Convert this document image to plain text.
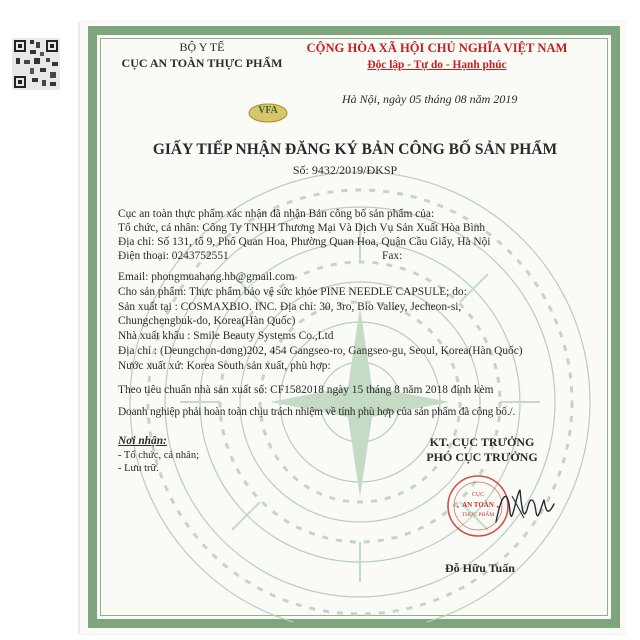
BỘ Y TẾ
CỤC AN TOÀN THỰC PHẨM
VFA
CỘNG HÒA XÃ HỘI CHỦ NGHĨA VIỆT NAM
Độc lập - Tự do - Hạnh phúc
Hà Nội, ngày 05 tháng 08 năm 2019
GIẤY TIẾP NHẬN ĐĂNG KÝ BẢN CÔNG BỐ SẢN PHẨM
Số: 9432/2019/ĐKSP
Cục an toàn thực phẩm xác nhận đã nhận Bản công bố sản phẩm của:
Tổ chức, cá nhân: Công Ty TNHH Thương Mại Và Dịch Vụ Sản Xuất Hòa Bình
Địa chỉ: Số 131, tổ 9, Phố Quan Hoa, Phường Quan Hoa, Quận Cầu Giấy, Hà Nội
Điện thoại: 0243752551	Fax:
Email: phongmuahang.hb@gmail.com
Cho sản phẩm: Thực phẩm bảo vệ sức khỏe PINE NEEDLE CAPSULE; do:
Sản xuất tại : COSMAXBIO. INC. Địa chỉ: 30, 3ro, Bio Valley, Jecheon-si,
Chungchengbuk-do, Korea(Hàn Quốc)
Nhà xuất khẩu : Smile Beauty Systems Co.,Ltd
Địa chỉ : (Deungchon-dong)202, 454 Gangseo-ro, Gangseo-gu, Seoul, Korea(Hàn Quốc)
Nước xuất xứ: Korea South sản xuất, phù hợp:
Theo tiêu chuẩn nhà sản xuất số: CF1582018 ngày 15 tháng 8 năm 2018 đính kèm
Doanh nghiệp phải hoàn toàn chịu trách nhiệm về tính phù hợp của sản phẩm đã công bố./.
Nơi nhận:
- Tổ chức, cá nhân;
- Lưu trữ.
KT. CỤC TRƯỞNG
PHÓ CỤC TRƯỞNG
CỤC
AN TOÀN
THỰC PHẨM
★	★
Đỗ Hữu Tuấn
